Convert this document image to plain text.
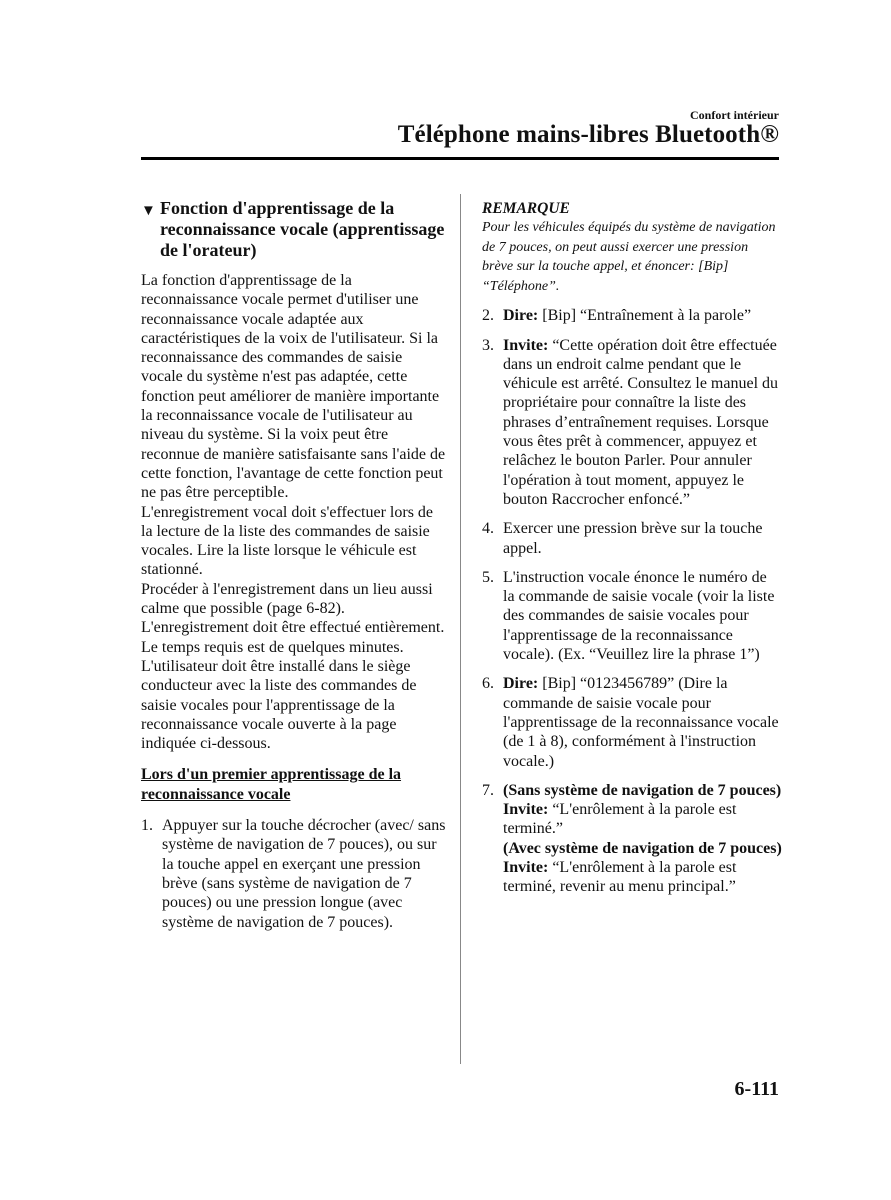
Confort intérieur
Téléphone mains-libres Bluetooth®
▼ Fonction d'apprentissage de la reconnaissance vocale (apprentissage de l'orateur)

La fonction d'apprentissage de la reconnaissance vocale permet d'utiliser une reconnaissance vocale adaptée aux caractéristiques de la voix de l'utilisateur. Si la reconnaissance des commandes de saisie vocale du système n'est pas adaptée, cette fonction peut améliorer de manière importante la reconnaissance vocale de l'utilisateur au niveau du système. Si la voix peut être reconnue de manière satisfaisante sans l'aide de cette fonction, l'avantage de cette fonction peut ne pas être perceptible.

L'enregistrement vocal doit s'effectuer lors de la lecture de la liste des commandes de saisie vocales. Lire la liste lorsque le véhicule est stationné.

Procéder à l'enregistrement dans un lieu aussi calme que possible (page 6-82). L'enregistrement doit être effectué entièrement. Le temps requis est de quelques minutes. L'utilisateur doit être installé dans le siège conducteur avec la liste des commandes de saisie vocales pour l'apprentissage de la reconnaissance vocale ouverte à la page indiquée ci-dessous.

Lors d'un premier apprentissage de la reconnaissance vocale
1. Appuyer sur la touche décrocher (avec/ sans système de navigation de 7 pouces), ou sur la touche appel en exerçant une pression brève (sans système de navigation de 7 pouces) ou une pression longue (avec système de navigation de 7 pouces).
REMARQUE
Pour les véhicules équipés du système de navigation de 7 pouces, on peut aussi exercer une pression brève sur la touche appel, et énoncer: [Bip] “Téléphone”.
2. Dire: [Bip] “Entraînement à la parole”
3. Invite: “Cette opération doit être effectuée dans un endroit calme pendant que le véhicule est arrêté. Consultez le manuel du propriétaire pour connaître la liste des phrases d’entraînement requises. Lorsque vous êtes prêt à commencer, appuyez et relâchez le bouton Parler. Pour annuler l'opération à tout moment, appuyez le bouton Raccrocher enfoncé.”
4. Exercer une pression brève sur la touche appel.
5. L'instruction vocale énonce le numéro de la commande de saisie vocale (voir la liste des commandes de saisie vocales pour l'apprentissage de la reconnaissance vocale). (Ex. “Veuillez lire la phrase 1”)
6. Dire: [Bip] “0123456789” (Dire la commande de saisie vocale pour l'apprentissage de la reconnaissance vocale (de 1 à 8), conformément à l'instruction vocale.)
7. (Sans système de navigation de 7 pouces)
Invite: “L'enrôlement à la parole est terminé.”
(Avec système de navigation de 7 pouces)
Invite: “L'enrôlement à la parole est terminé, revenir au menu principal.”
6-111
